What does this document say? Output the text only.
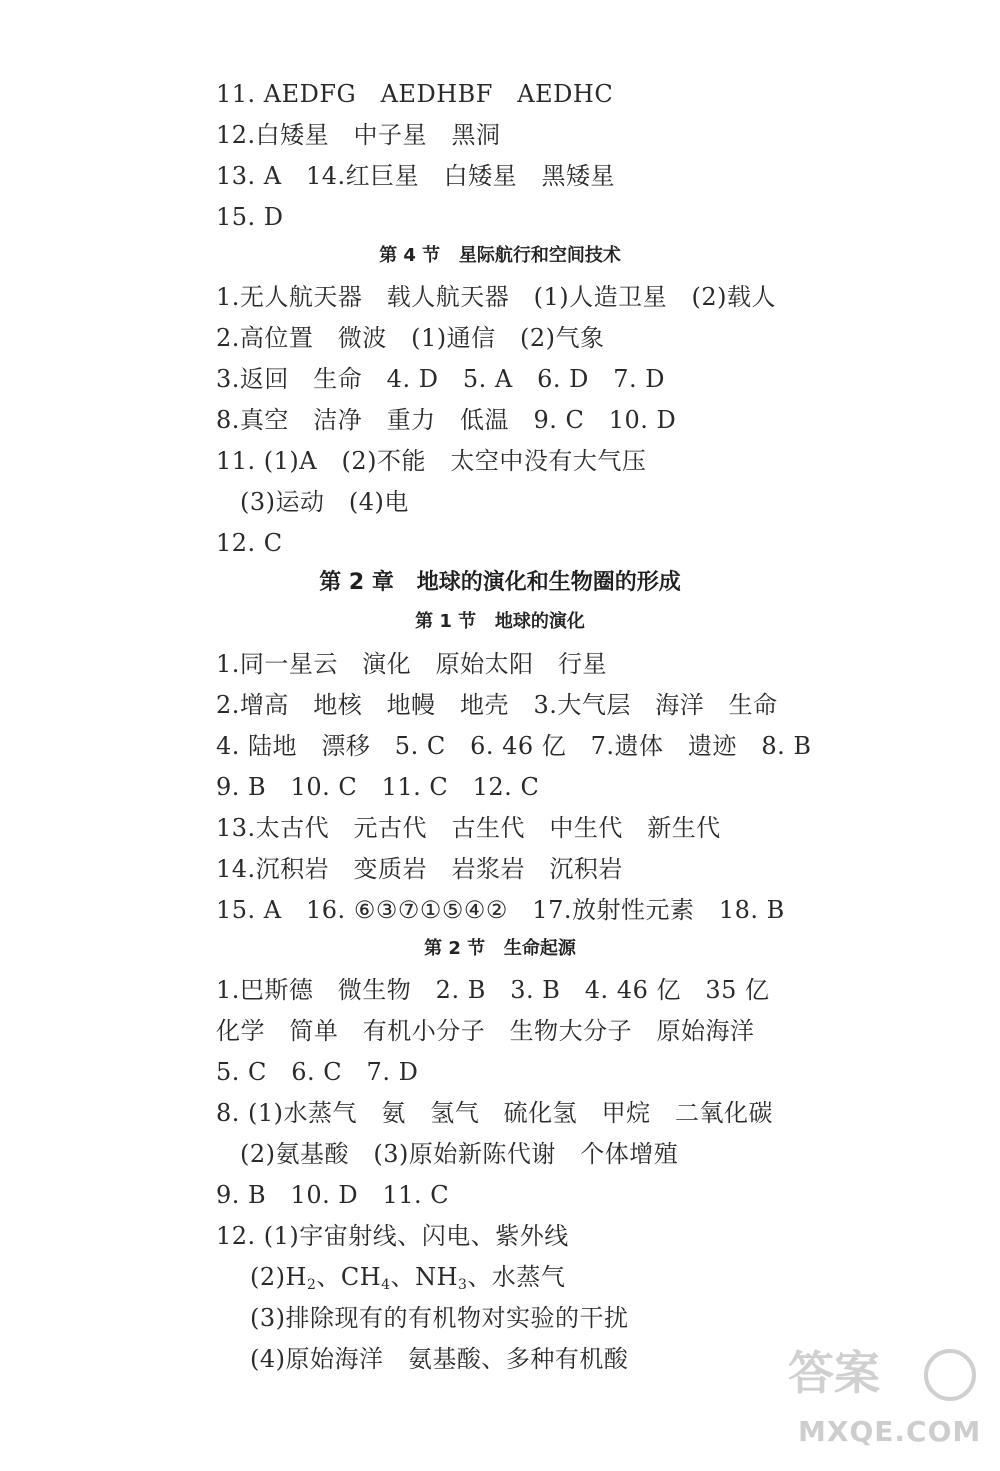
11. AEDFG   AEDHBF   AEDHC
12.白矮星   中子星   黑洞
13. A   14.红巨星   白矮星   黑矮星
15. D
第 4 节   星际航行和空间技术
1.无人航天器   载人航天器   (1)人造卫星   (2)载人
2.高位置   微波   (1)通信   (2)气象
3.返回   生命   4. D   5. A   6. D   7. D
8.真空   洁净   重力   低温   9. C   10. D
11. (1)A   (2)不能   太空中没有大气压
(3)运动   (4)电
12. C
第 2 章   地球的演化和生物圈的形成
第 1 节   地球的演化
1.同一星云   演化   原始太阳   行星
2.增高   地核   地幔   地壳   3.大气层   海洋   生命
4. 陆地   漂移   5. C   6. 46 亿   7.遗体   遗迹   8. B
9. B   10. C   11. C   12. C
13.太古代   元古代   古生代   中生代   新生代
14.沉积岩   变质岩   岩浆岩   沉积岩
15. A   16. ⑥③⑦①⑤④②   17.放射性元素   18. B
第 2 节   生命起源
1.巴斯德   微生物   2. B   3. B   4. 46 亿   35 亿
化学   简单   有机小分子   生物大分子   原始海洋
5. C   6. C   7. D
8. (1)水蒸气   氨   氢气   硫化氢   甲烷   二氧化碳
(2)氨基酸   (3)原始新陈代谢   个体增殖
9. B   10. D   11. C
12. (1)宇宙射线、闪电、紫外线
$(2)H_2$、$CH_4$、$NH_3$、水蒸气
(3)排除现有的有机物对实验的干扰
(4)原始海洋   氨基酸、多种有机酸	答案
MXQE.COM
